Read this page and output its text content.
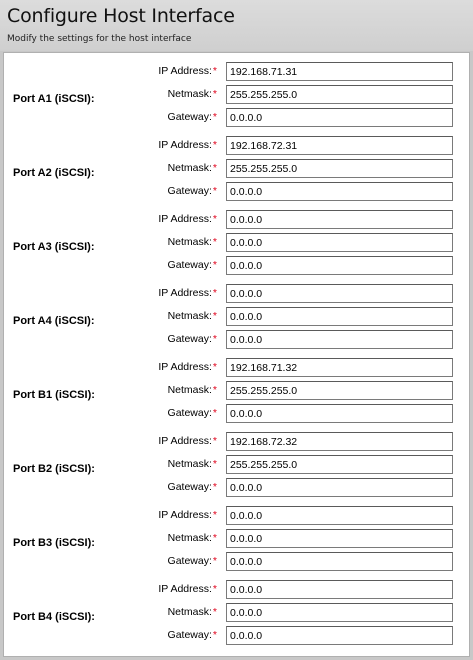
Configure Host Interface
Modify the settings for the host interface
Port A1 (iSCSI):
IP Address:*
192.168.71.31
Netmask:*
255.255.255.0
Gateway:*
0.0.0.0
Port A2 (iSCSI):
IP Address:*
192.168.72.31
Netmask:*
255.255.255.0
Gateway:*
0.0.0.0
Port A3 (iSCSI):
IP Address:*
0.0.0.0
Netmask:*
0.0.0.0
Gateway:*
0.0.0.0
Port A4 (iSCSI):
IP Address:*
0.0.0.0
Netmask:*
0.0.0.0
Gateway:*
0.0.0.0
Port B1 (iSCSI):
IP Address:*
192.168.71.32
Netmask:*
255.255.255.0
Gateway:*
0.0.0.0
Port B2 (iSCSI):
IP Address:*
192.168.72.32
Netmask:*
255.255.255.0
Gateway:*
0.0.0.0
Port B3 (iSCSI):
IP Address:*
0.0.0.0
Netmask:*
0.0.0.0
Gateway:*
0.0.0.0
Port B4 (iSCSI):
IP Address:*
0.0.0.0
Netmask:*
0.0.0.0
Gateway:*
0.0.0.0
